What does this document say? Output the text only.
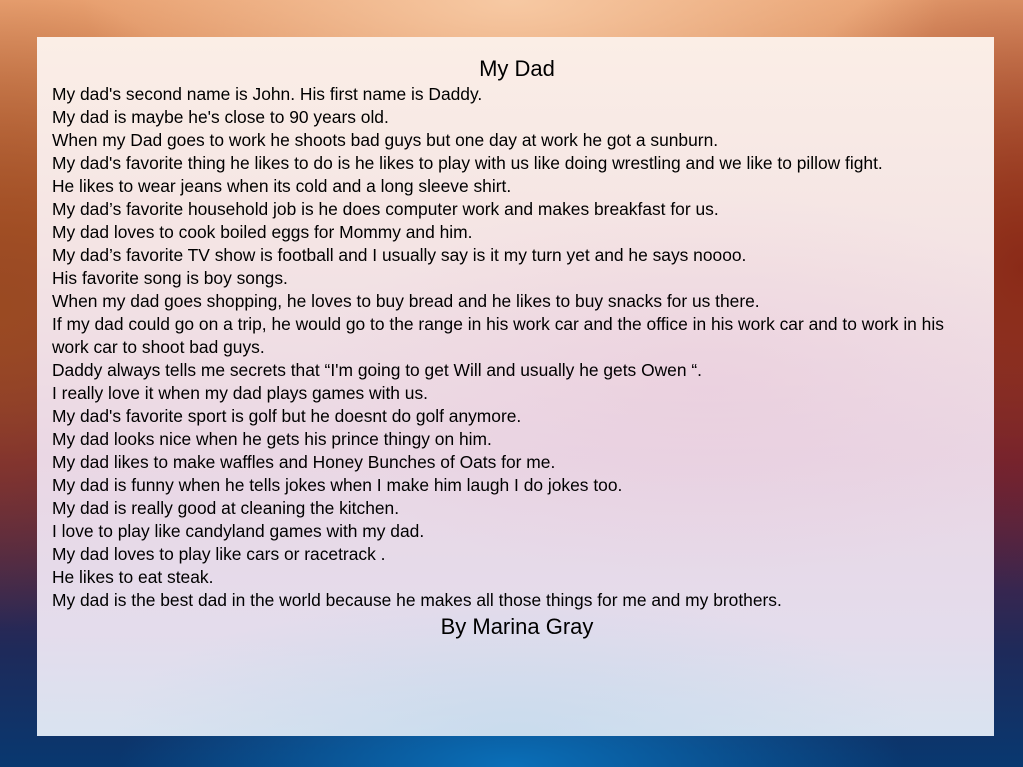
My Dad
My dad's second name is John. His first name is Daddy.
My dad is maybe he's close to 90 years old.
When my Dad goes to work he shoots bad guys but one day at work he got a sunburn.
My dad's favorite thing he likes to do is he likes to play with us like doing wrestling and we like to pillow fight.
He likes to wear jeans when its cold and a long sleeve shirt.
My dad’s favorite household job is he does computer work and makes breakfast for us.
My dad loves to cook boiled eggs for Mommy and him.
My dad’s favorite TV show is football and I usually say is it my turn yet and he says noooo.
His favorite song is boy songs.
When my dad goes shopping, he loves to buy bread and he likes to buy snacks for us there.
If my dad could go on a trip, he would go to the range in his work car and the office in his work car and to work in his work car to shoot bad guys.
Daddy always tells me secrets that “I'm going to get Will and usually he gets Owen “.
I really love it when my dad plays games with us.
My dad's favorite sport is golf but he doesnt do golf anymore.
My dad looks nice when he gets his prince thingy on him.
My dad likes to make waffles and Honey Bunches of Oats for me.
My dad is funny when he tells jokes when I make him laugh I do jokes too.
My dad is really good at cleaning the kitchen.
I love to play like candyland games with my dad.
My dad loves to play like cars or racetrack .
He likes to eat steak.
My dad is the best dad in the world because he makes all those things for me and my brothers.
By Marina Gray
